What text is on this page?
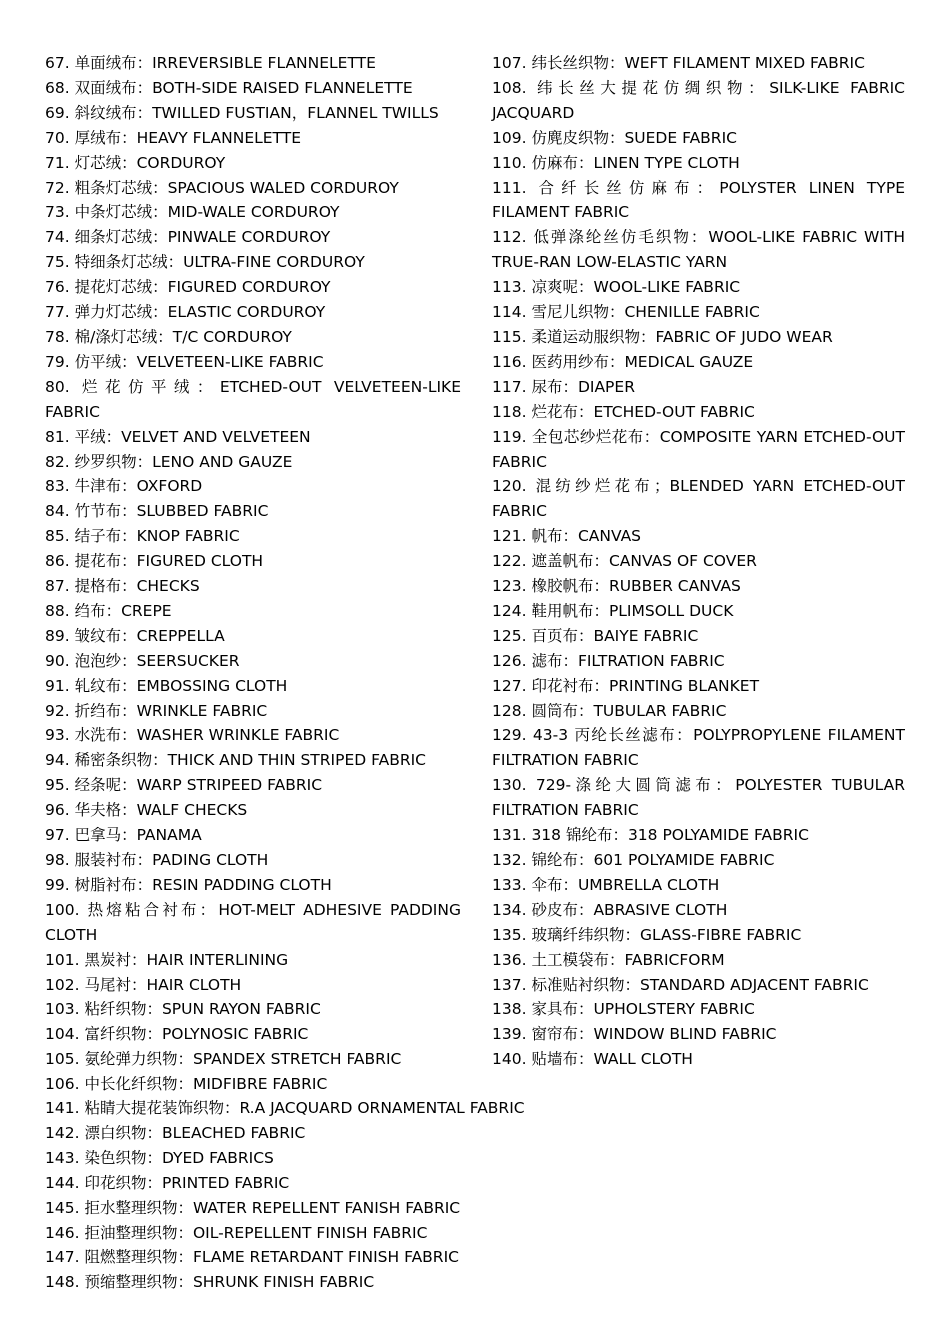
67. 单面绒布：IRREVERSIBLE FLANNELETTE
68. 双面绒布：BOTH-SIDE RAISED FLANNELETTE
69. 斜纹绒布：TWILLED FUSTIAN，FLANNEL TWILLS
70. 厚绒布：HEAVY FLANNELETTE
71. 灯芯绒：CORDUROY
72. 粗条灯芯绒：SPACIOUS WALED CORDUROY
73. 中条灯芯绒：MID-WALE CORDUROY
74. 细条灯芯绒：PINWALE CORDUROY
75. 特细条灯芯绒：ULTRA-FINE CORDUROY
76. 提花灯芯绒：FIGURED CORDUROY
77. 弹力灯芯绒：ELASTIC CORDUROY
78. 棉/涤灯芯绒：T/C CORDUROY
79. 仿平绒：VELVETEEN-LIKE FABRIC
80. 烂花仿平绒：ETCHED-OUT VELVETEEN-LIKE FABRIC
81. 平绒：VELVET AND VELVETEEN
82. 纱罗织物：LENO AND GAUZE
83. 牛津布：OXFORD
84. 竹节布：SLUBBED FABRIC
85. 结子布：KNOP FABRIC
86. 提花布：FIGURED CLOTH
87. 提格布：CHECKS
88. 绉布：CREPE
89. 皱纹布：CREPPELLA
90. 泡泡纱：SEERSUCKER
91. 轧纹布：EMBOSSING CLOTH
92. 折绉布：WRINKLE FABRIC
93. 水洗布：WASHER WRINKLE FABRIC
94. 稀密条织物：THICK AND THIN STRIPED FABRIC
95. 经条呢：WARP STRIPEED FABRIC
96. 华夫格：WALF CHECKS
97. 巴拿马：PANAMA
98. 服装衬布：PADING CLOTH
99. 树脂衬布：RESIN PADDING CLOTH
100. 热熔粘合衬布：HOT-MELT ADHESIVE PADDING CLOTH
101. 黑炭衬：HAIR INTERLINING
102. 马尾衬：HAIR CLOTH
103. 粘纤织物：SPUN RAYON FABRIC
104. 富纤织物：POLYNOSIC FABRIC
105. 氨纶弹力织物：SPANDEX STRETCH FABRIC
106. 中长化纤织物：MIDFIBRE FABRIC
107. 纬长丝织物：WEFT FILAMENT MIXED FABRIC
108. 纬长丝大提花仿绸织物：SILK-LIKE FABRIC JACQUARD
109. 仿麂皮织物：SUEDE FABRIC
110. 仿麻布：LINEN TYPE CLOTH
111. 合纤长丝仿麻布：POLYSTER LINEN TYPE FILAMENT FABRIC
112. 低弹涤纶丝仿毛织物：WOOL-LIKE FABRIC WITH TRUE-RAN LOW-ELASTIC YARN
113. 凉爽呢：WOOL-LIKE FABRIC
114. 雪尼儿织物：CHENILLE FABRIC
115. 柔道运动服织物：FABRIC OF JUDO WEAR
116. 医药用纱布：MEDICAL GAUZE
117. 尿布：DIAPER
118. 烂花布：ETCHED-OUT FABRIC
119. 全包芯纱烂花布：COMPOSITE YARN ETCHED-OUT FABRIC
120. 混纺纱烂花布；BLENDED YARN ETCHED-OUT FABRIC
121. 帆布：CANVAS
122. 遮盖帆布：CANVAS OF COVER
123. 橡胶帆布：RUBBER CANVAS
124. 鞋用帆布：PLIMSOLL DUCK
125. 百页布：BAIYE FABRIC
126. 滤布：FILTRATION FABRIC
127. 印花衬布：PRINTING BLANKET
128. 圆筒布：TUBULAR FABRIC
129. 43-3 丙纶长丝滤布：POLYPROPYLENE FILAMENT FILTRATION FABRIC
130. 729-涤纶大圆筒滤布：POLYESTER TUBULAR FILTRATION FABRIC
131. 318 锦纶布：318 POLYAMIDE FABRIC
132. 锦纶布：601 POLYAMIDE FABRIC
133. 伞布：UMBRELLA CLOTH
134. 砂皮布：ABRASIVE CLOTH
135. 玻璃纤纬织物：GLASS-FIBRE FABRIC
136. 土工模袋布：FABRICFORM
137. 标准贴衬织物：STANDARD ADJACENT FABRIC
138. 家具布：UPHOLSTERY FABRIC
139. 窗帘布：WINDOW BLIND FABRIC
140. 贴墙布：WALL CLOTH
141. 粘睛大提花装饰织物：R.A JACQUARD ORNAMENTAL FABRIC
142. 漂白织物：BLEACHED FABRIC
143. 染色织物：DYED FABRICS
144. 印花织物：PRINTED FABRIC
145. 拒水整理织物：WATER REPELLENT FANISH FABRIC
146. 拒油整理织物：OIL-REPELLENT FINISH FABRIC
147. 阻燃整理织物：FLAME RETARDANT FINISH FABRIC
148. 预缩整理织物：SHRUNK FINISH FABRIC
